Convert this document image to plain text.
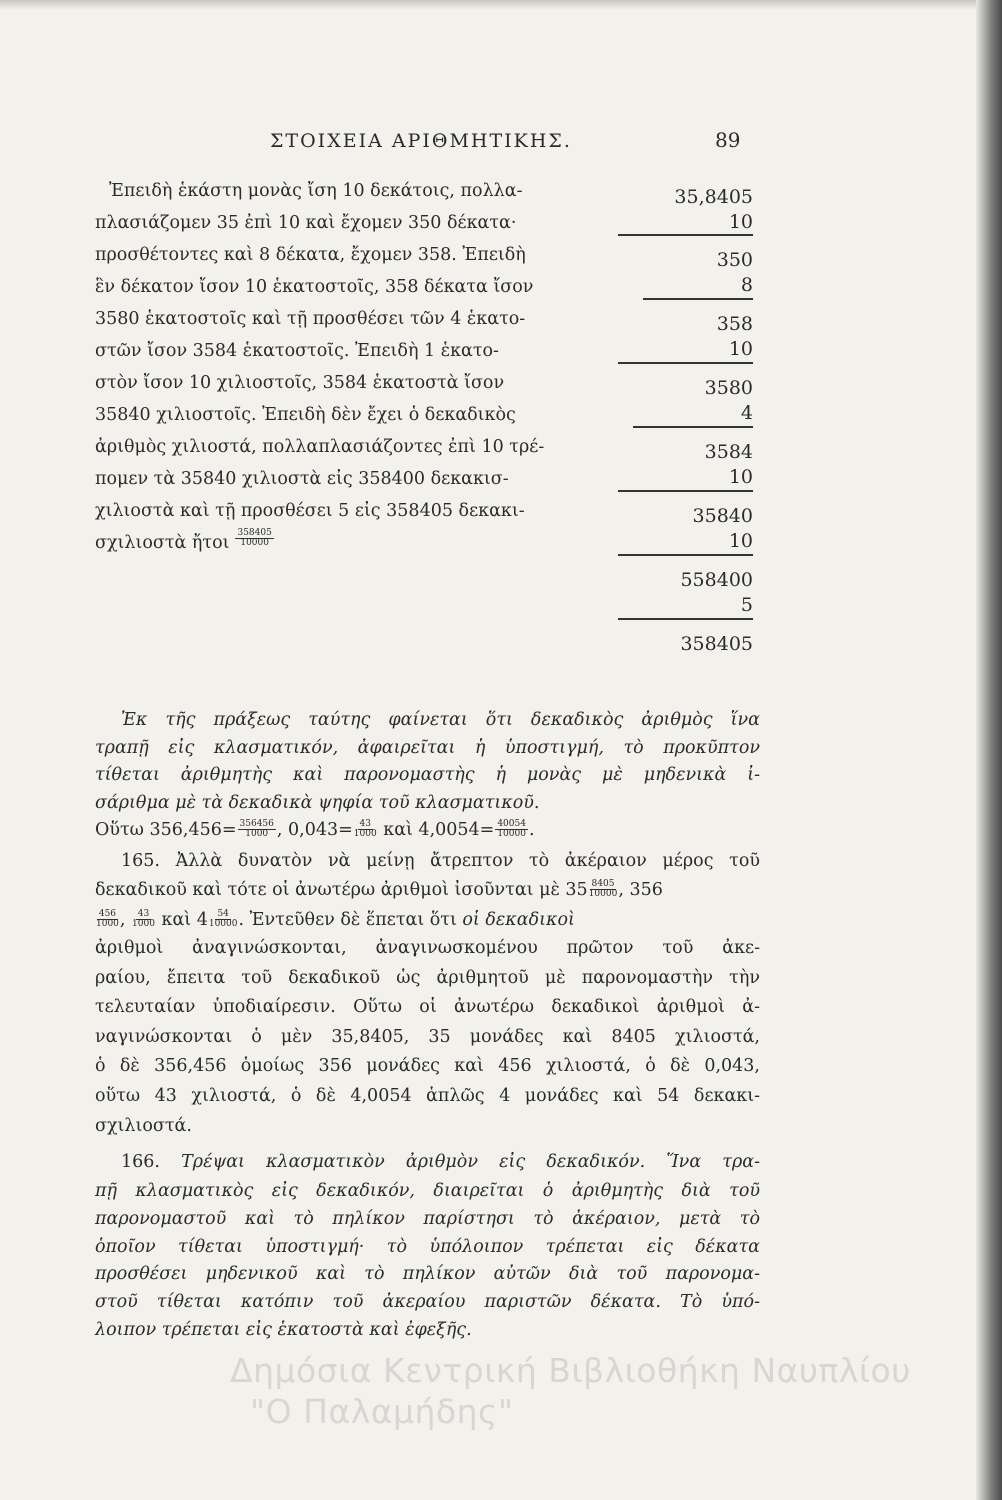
ΣΤΟΙΧΕΙΑ ΑΡΙΘΜΗΤΙΚΗΣ.	89
Ἐπειδὴ ἑκάστη μονὰς ἴση 10 δεκάτοις, πολλα-
πλασιάζομεν 35 ἐπὶ 10 καὶ ἔχομεν 350 δέκατα·
προσθέτοντες καὶ 8 δέκατα, ἔχομεν 358. Ἐπειδὴ
ἓν δέκατον ἴσον 10 ἑκατοστοῖς, 358 δέκατα ἴσον
3580 ἑκατοστοῖς καὶ τῇ προσθέσει τῶν 4 ἑκατο-
στῶν ἴσον 3584 ἑκατοστοῖς. Ἐπειδὴ 1 ἑκατο-
στὸν ἴσον 10 χιλιοστοῖς, 3584 ἑκατοστὰ ἴσον
35840 χιλιοστοῖς. Ἐπειδὴ δὲν ἔχει ὁ δεκαδικὸς
ἀριθμὸς χιλιοστά, πολλαπλασιάζοντες ἐπὶ 10 τρέ-
πομεν τὰ 35840 χιλιοστὰ εἰς 358400 δεκακισ-
χιλιοστὰ καὶ τῇ προσθέσει 5 εἰς 358405 δεκακι-
σχιλιοστὰ ἤτοι $\frac{358405}{10000}$
35,8405
10
350
8
358
10
3580
4
3584
10
35840
10
558400
5
358405
Ἐκ τῆς πράξεως ταύτης φαίνεται ὅτι δεκαδικὸς ἀριθμὸς ἵνα
τραπῇ εἰς κλασματικόν, ἀφαιρεῖται ἡ ὑποστιγμή, τὸ προκῦπτον
τίθεται ἀριθμητὴς καὶ παρονομαστὴς ἡ μονὰς μὲ μηδενικὰ ἰ-
σάριθμα μὲ τὰ δεκαδικὰ ψηφία τοῦ κλασματικοῦ.
Οὕτω $356,456= \frac{356456}{1000}$ , $0,043= \frac{43}{1000}$ καὶ $4,0054= \frac{40054}{10000}$ .
165. Ἀλλὰ δυνατὸν νὰ μείνῃ ἄτρεπτον τὸ ἀκέραιον μέρος τοῦ
δεκαδικοῦ καὶ τότε οἱ ἀνωτέρω ἀριθμοὶ ἰσοῦνται μὲ $35 \frac{8405}{10000}$ , 356
$\frac{456}{1000}$ , $\frac{43}{1000}$ καὶ $4 \frac{54}{10000}$ . Ἐντεῦθεν δὲ ἕπεται ὅτι οἱ δεκαδικοὶ
ἀριθμοὶ ἀναγινώσκονται, ἀναγινωσκομένου πρῶτον τοῦ ἀκε-
ραίου, ἔπειτα τοῦ δεκαδικοῦ ὡς ἀριθμητοῦ μὲ παρονομαστὴν τὴν
τελευταίαν ὑποδιαίρεσιν. Οὕτω οἱ ἀνωτέρω δεκαδικοὶ ἀριθμοὶ ἀ-
ναγινώσκονται ὁ μὲν 35,8405, 35 μονάδες καὶ 8405 χιλιοστά,
ὁ δὲ 356,456 ὁμοίως 356 μονάδες καὶ 456 χιλιοστά, ὁ δὲ 0,043,
οὕτω 43 χιλιοστά, ὁ δὲ 4,0054 ἁπλῶς 4 μονάδες καὶ 54 δεκακι-
σχιλιοστά.
166. Τρέψαι κλασματικὸν ἀριθμὸν εἰς δεκαδικόν. Ἵνα τρα-
πῇ κλασματικὸς εἰς δεκαδικόν, διαιρεῖται ὁ ἀριθμητὴς διὰ τοῦ
παρονομαστοῦ καὶ τὸ πηλίκον παρίστησι τὸ ἀκέραιον, μετὰ τὸ
ὁποῖον τίθεται ὑποστιγμή· τὸ ὑπόλοιπον τρέπεται εἰς δέκατα
προσθέσει μηδενικοῦ καὶ τὸ πηλίκον αὐτῶν διὰ τοῦ παρονομα-
στοῦ τίθεται κατόπιν τοῦ ἀκεραίου παριστῶν δέκατα. Τὸ ὑπό-
λοιπον τρέπεται εἰς ἑκατοστὰ καὶ ἐφεξῆς.
Δημόσια Κεντρική Βιβλιοθήκη Ναυπλίου
"Ο Παλαμήδης"
